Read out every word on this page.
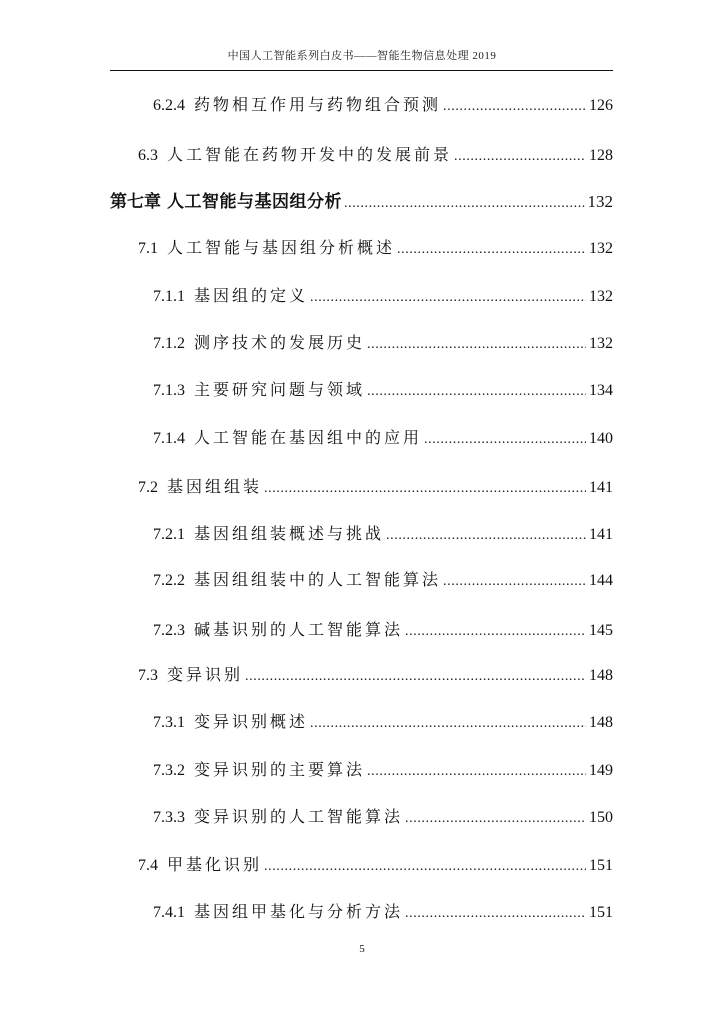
中国人工智能系列白皮书——智能生物信息处理 2019
6.2.4 药物相互作用与药物组合预测 .....	126
6.3 人工智能在药物开发中的发展前景 .....	128
第七章 人工智能与基因组分析 .....	132
7.1 人工智能与基因组分析概述 .....	132
7.1.1 基因组的定义 .....	132
7.1.2 测序技术的发展历史 .....	132
7.1.3 主要研究问题与领域 .....	134
7.1.4 人工智能在基因组中的应用 .....	140
7.2 基因组组装 .....	141
7.2.1 基因组组装概述与挑战 .....	141
7.2.2 基因组组装中的人工智能算法 .....	144
7.2.3 碱基识别的人工智能算法 .....	145
7.3 变异识别 .....	148
7.3.1 变异识别概述 .....	148
7.3.2 变异识别的主要算法 .....	149
7.3.3 变异识别的人工智能算法 .....	150
7.4 甲基化识别 .....	151
7.4.1 基因组甲基化与分析方法 .....	151
5
